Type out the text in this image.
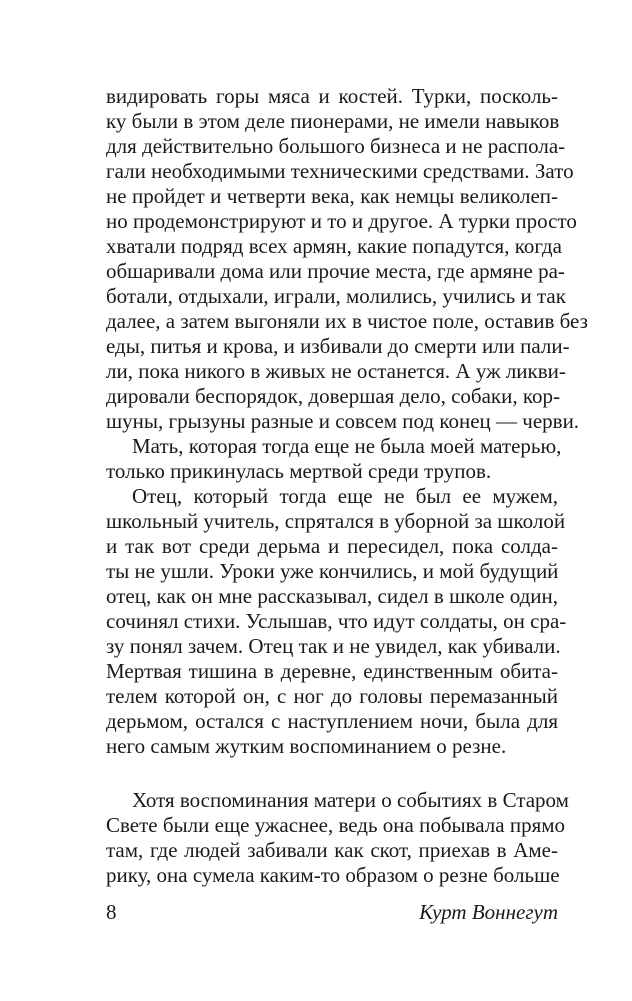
видировать горы мяса и костей. Турки, посколь-
ку были в этом деле пионерами, не имели навыков
для действительно большого бизнеса и не распола-
гали необходимыми техническими средствами. Зато
не пройдет и четверти века, как немцы великолеп-
но продемонстрируют и то и другое. А турки просто
хватали подряд всех армян, какие попадутся, когда
обшаривали дома или прочие места, где армяне ра-
ботали, отдыхали, играли, молились, учились и так
далее, а затем выгоняли их в чистое поле, оставив без
еды, питья и крова, и избивали до смерти или пали-
ли, пока никого в живых не останется. А уж ликви-
дировали беспорядок, довершая дело, собаки, кор-
шуны, грызуны разные и совсем под конец — черви.
Мать, которая тогда еще не была моей матерью,
только прикинулась мертвой среди трупов.
Отец, который тогда еще не был ее мужем,
школьный учитель, спрятался в уборной за школой
и так вот среди дерьма и пересидел, пока солда-
ты не ушли. Уроки уже кончились, и мой будущий
отец, как он мне рассказывал, сидел в школе один,
сочинял стихи. Услышав, что идут солдаты, он сра-
зу понял зачем. Отец так и не увидел, как убивали.
Мертвая тишина в деревне, единственным обита-
телем которой он, с ног до головы перемазанный
дерьмом, остался с наступлением ночи, была для
него самым жутким воспоминанием о резне.
Хотя воспоминания матери о событиях в Старом
Свете были еще ужаснее, ведь она побывала прямо
там, где людей забивали как скот, приехав в Аме-
рику, она сумела каким-то образом о резне больше
8	Курт Воннегут
